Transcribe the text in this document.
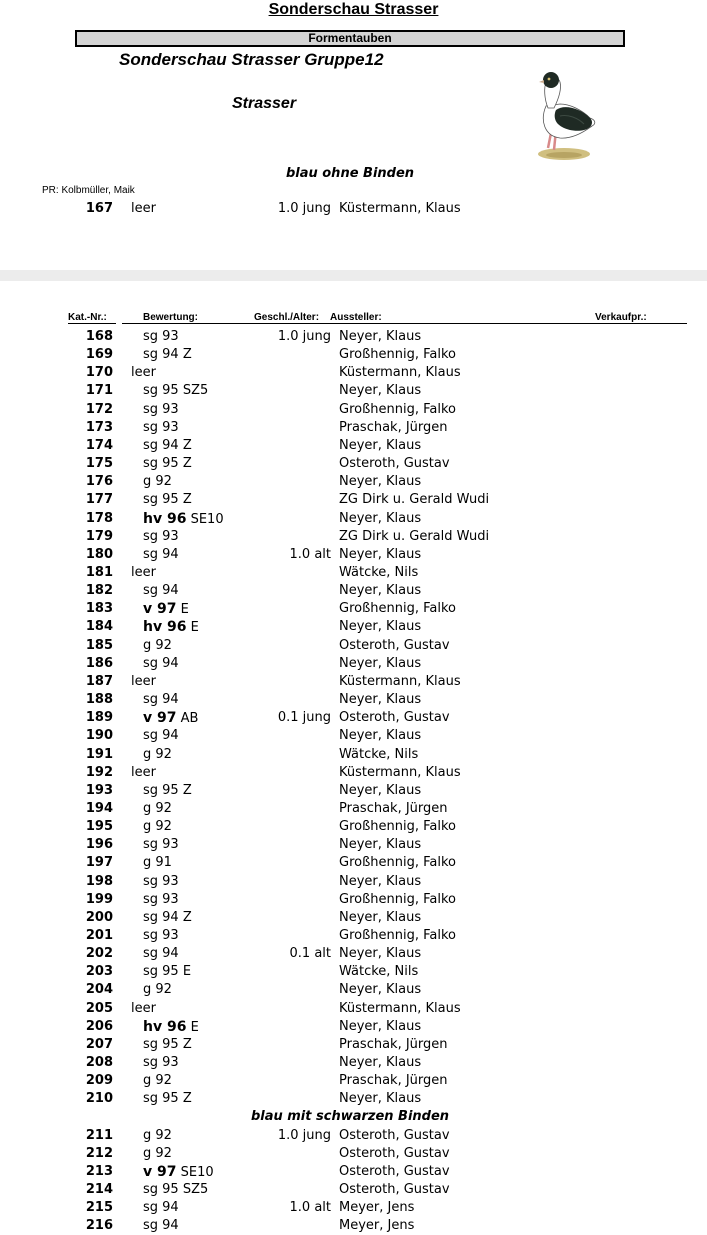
Sonderschau Strasser
Formentauben
Sonderschau Strasser Gruppe12
Strasser
blau ohne Binden
PR: Kolbmüller, Maik
167 leer	1.0 jung Küstermann, Klaus
Kat.-Nr.:	Bewertung:	Geschl./Alter: Aussteller:	Verkaufpr.:
168 sg 93	1.0 jung Neyer, Klaus
169 sg 94 Z	Großhennig, Falko
170 leer	Küstermann, Klaus
171 sg 95 SZ5	Neyer, Klaus
172 sg 93	Großhennig, Falko
173 sg 93	Praschak, Jürgen
174 sg 94 Z	Neyer, Klaus
175 sg 95 Z	Osteroth, Gustav
176 g 92	Neyer, Klaus
177 sg 95 Z	ZG Dirk u. Gerald Wudi
178 hv 96 SE10	Neyer, Klaus
179 sg 93	ZG Dirk u. Gerald Wudi
180 sg 94	1.0 alt Neyer, Klaus
181 leer	Wätcke, Nils
182 sg 94	Neyer, Klaus
183 v 97 E	Großhennig, Falko
184 hv 96 E	Neyer, Klaus
185 g 92	Osteroth, Gustav
186 sg 94	Neyer, Klaus
187 leer	Küstermann, Klaus
188 sg 94	Neyer, Klaus
189 v 97 AB	0.1 jung Osteroth, Gustav
190 sg 94	Neyer, Klaus
191 g 92	Wätcke, Nils
192 leer	Küstermann, Klaus
193 sg 95 Z	Neyer, Klaus
194 g 92	Praschak, Jürgen
195 g 92	Großhennig, Falko
196 sg 93	Neyer, Klaus
197 g 91	Großhennig, Falko
198 sg 93	Neyer, Klaus
199 sg 93	Großhennig, Falko
200 sg 94 Z	Neyer, Klaus
201 sg 93	Großhennig, Falko
202 sg 94	0.1 alt Neyer, Klaus
203 sg 95 E	Wätcke, Nils
204 g 92	Neyer, Klaus
205 leer	Küstermann, Klaus
206 hv 96 E	Neyer, Klaus
207 sg 95 Z	Praschak, Jürgen
208 sg 93	Neyer, Klaus
209 g 92	Praschak, Jürgen
210 sg 95 Z	Neyer, Klaus
blau mit schwarzen Binden
211 g 92	1.0 jung Osteroth, Gustav
212 g 92	Osteroth, Gustav
213 v 97 SE10	Osteroth, Gustav
214 sg 95 SZ5	Osteroth, Gustav
215 sg 94	1.0 alt Meyer, Jens
216 sg 94	Meyer, Jens
